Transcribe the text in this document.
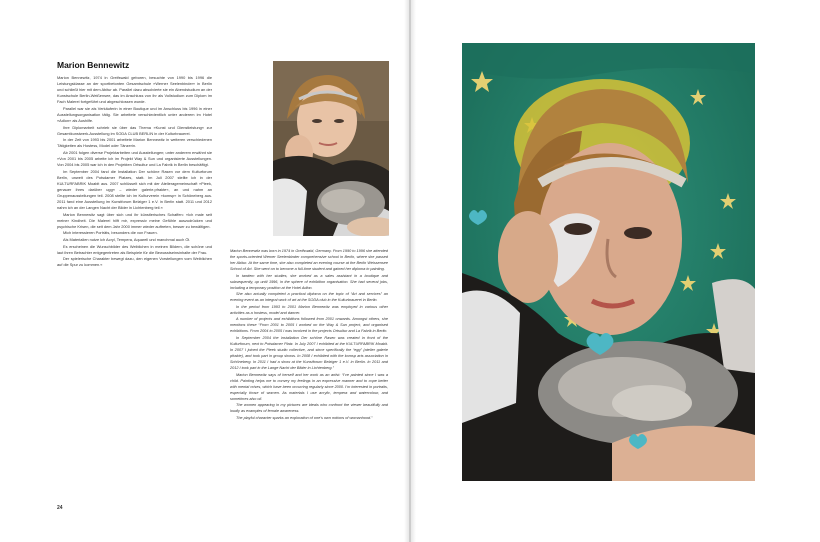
Marion Bennewitz

Marion Bennewitz, 1974 in Greifswald geboren, besuchte von 1990 bis 1996 die Leistungsklasse an der sportbetonten Gesamtschule »Werner Seelenbinder« in Berlin und schließt hier mit dem Abitur ab. Parallel dazu absolvierte sie ein Abendstudium an der Kunstschule Berlin-Weißensee, das im Anschluss von ihr als Vollstudium zum Diplom im Fach Malerei fortgeführt und abgeschlossen wurde.

Parallel war sie als Verkäuferin in einer Boutique und im Anschluss bis 1996 in einer Ausstellungsorganisation tätig. Sie arbeitete verschiedentlich unter anderem im Hotel »Adlon« als Aushilfe.

Ihre Diplomarbeit schrieb sie über das Thema »Kunst und Dienstleistung« zur Gesamtkunstwerk-Ausstellung im SODA CLUB BERLIN in der Kulturbrauerei.

In der Zeit von 1993 bis 2001 arbeitete Marion Bennewitz in weiteren verschiedenen Tätigkeiten als Hostess, Model oder Tänzerin.

Ab 2001 folgen diverse Projektarbeiten und Ausstellungen; unter anderem erwähnt sie »Von 2001 bis 2005 arbeite ich im Projekt Way & Sun und organisierte Ausstellungen. Von 2004 bis 2005 war ich in den Projekten Ortsultur und La Fabrik in Berlin beschäftigt.

Im September 2004 fand die Installation Der schöne Rasen vor dem Kulturforum Berlin, unweit des Potsdamer Platzes, statt. Im Juli 2007 stellte ich in der KULTURFABRIK Moabit aus. 2007 schlüsselt sich mit der Atelieragemeinschaft »Pieek, genauer ihres darüber ugg« – wieder galerie.pfrakte«, an und nahm an Gruppenausstellungen teil. 2008 stellte ich im Kulturverein »komsp« in Schöneberg aus. 2011 fand eine Ausstellung im Kunstforum Belziger 1 e.V. in Berlin statt. 2011 und 2012 nahm ich an der Langen Nacht der Bilder in Lichtenberg teil.«

Marion Bennewitz sagt über sich und ihr künstlerisches Schaffen: »Ich male seit meiner Kindheit. Die Malerei hilft mir, expressiv meine Gefühle auszudrücken und psychische Krisen, die seit dem Jahr 2000 immer wieder auftreten, besser zu bewältigen.

Mich interessieren Porträts, besonders die von Frauen.

Als Materialien nutze ich Acryl, Tempera, Aquarell und manchmal auch Öl.

Es erscheinen die Wunschbilder des Weiblichen in meinen Bildern, die schöne und laut ihren Betrachter entgegentreten als Beispiele für die Bewusstseinsinhalte der Frau.

Der spielerische Charakter bewegt dazu, den eigenen Vorstellungen vom Weiblichen auf die Spur zu kommen.«

Marion Bennewitz was born in 1974 in Greifswald, Germany. From 1990 to 1996 she attended the sports-oriented Werner Seelenbinder comprehensive school in Berlin, where she passed her Abitur. At the same time, she also completed an evening course at the Berlin Weissensee School of Art. She went on to become a full-time student and gained her diploma in painting.

In tandem with her studies, she worked as a sales assistant in a boutique and subsequently, up until 1996, in the sphere of exhibition organisation. She had several jobs, including a temporary position at the Hotel Adlon.

She also actually completed a practical diploma on the topic of “Art and services” an evening event as an integral work of art at the SODA club in the Kulturbrauerei in Berlin.

In the period from 1993 to 2001 Marion Bennewitz was employed in various other activities as a hostess, model and dancer.

A number of projects and exhibitions followed from 2001 onwards. Amongst others, she mentions these “From 2001 to 2005 I worked on the Way & Sun project, and organised exhibitions. From 2004 to 2005 I was involved in the projects Ortsultur and La Fabrik in Berlin.

In September 2004 the installation Der schöne Rasen was created in front of the Kulturforum, next to Potsdamer Platz. In July 2007 I exhibited at the KULTURFABRIK Moabit. In 2007 I joined the Pieek studio collective, and since specifically the “egg” (atelier galerie pfrakte), and took part in group shows. In 2008 I exhibited with the komsp arts association in Schöneberg. In 2011 I had a show at the Kunstforum Belziger 1 e.V. in Berlin. In 2011 and 2012 I took part in the Lange Nacht der Bilder in Lichtenberg.”

Marion Bennewitz says of herself and her work as an artist: “I’ve painted since I was a child. Painting helps me to convey my feelings in an expressive manner and to cope better with mental crises, which have been occurring regularly since 2000. I’m interested in portraits, especially those of women. As materials I use acrylic, tempera and watercolour, and sometimes also oil.

The women appearing in my pictures are ideals who confront the viewer beautifully and loudly as examples of female awareness.

The playful character sparks an exploration of one’s own notions of womanhood.”

24
